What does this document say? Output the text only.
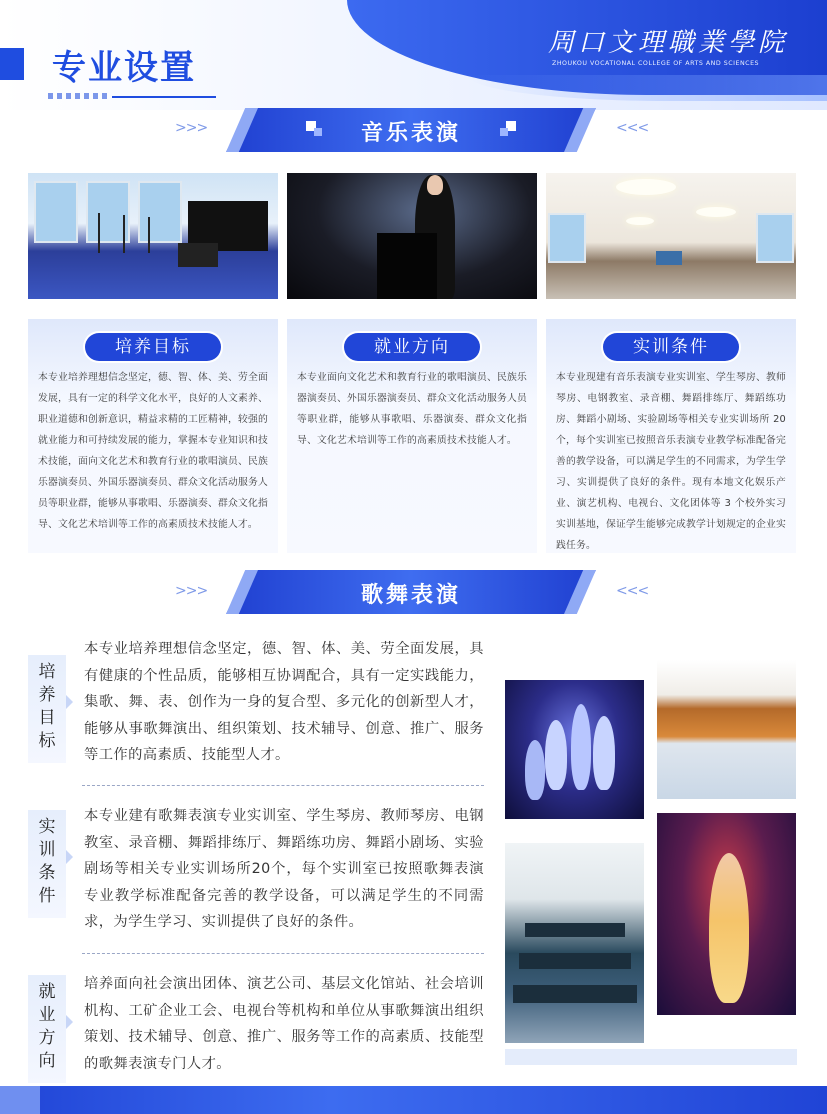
专业设置
周口文理職業學院
ZHOUKOU VOCATIONAL COLLEGE OF ARTS AND SCIENCES
>>>	音乐表演	<<<
培养目标
本专业培养理想信念坚定，德、智、体、美、劳全面发展，具有一定的科学文化水平，良好的人文素养、职业道德和创新意识，精益求精的工匠精神，较强的就业能力和可持续发展的能力，掌握本专业知识和技术技能，面向文化艺术和教育行业的歌唱演员、民族乐器演奏员、外国乐器演奏员、群众文化活动服务人员等职业群，能够从事歌唱、乐器演奏、群众文化指导、文化艺术培训等工作的高素质技术技能人才。
就业方向
本专业面向文化艺术和教育行业的歌唱演员、民族乐器演奏员、外国乐器演奏员、群众文化活动服务人员等职业群，能够从事歌唱、乐器演奏、群众文化指导、文化艺术培训等工作的高素质技术技能人才。
实训条件
本专业现建有音乐表演专业实训室、学生琴房、教师琴房、电钢教室、录音棚、舞蹈排练厅、舞蹈练功房、舞蹈小剧场、实验剧场等相关专业实训场所 20 个，每个实训室已按照音乐表演专业教学标准配备完善的教学设备，可以满足学生的不同需求，为学生学习、实训提供了良好的条件。现有本地文化娱乐产业、演艺机构、电视台、文化团体等 3 个校外实习实训基地，保证学生能够完成教学计划规定的企业实践任务。
>>>	歌舞表演	<<<
培
养
目
标
本专业培养理想信念坚定，德、智、体、美、劳全面发展，具有健康的个性品质，能够相互协调配合，具有一定实践能力，集歌、舞、表、创作为一身的复合型、多元化的创新型人才，能够从事歌舞演出、组织策划、技术辅导、创意、推广、服务等工作的高素质、技能型人才。
实
训
条
件
本专业建有歌舞表演专业实训室、学生琴房、教师琴房、电钢教室、录音棚、舞蹈排练厅、舞蹈练功房、舞蹈小剧场、实验剧场等相关专业实训场所20个，每个实训室已按照歌舞表演专业教学标准配备完善的教学设备，可以满足学生的不同需求，为学生学习、实训提供了良好的条件。
就
业
方
向
培养面向社会演出团体、演艺公司、基层文化馆站、社会培训机构、工矿企业工会、电视台等机构和单位从事歌舞演出组织策划、技术辅导、创意、推广、服务等工作的高素质、技能型的歌舞表演专门人才。
